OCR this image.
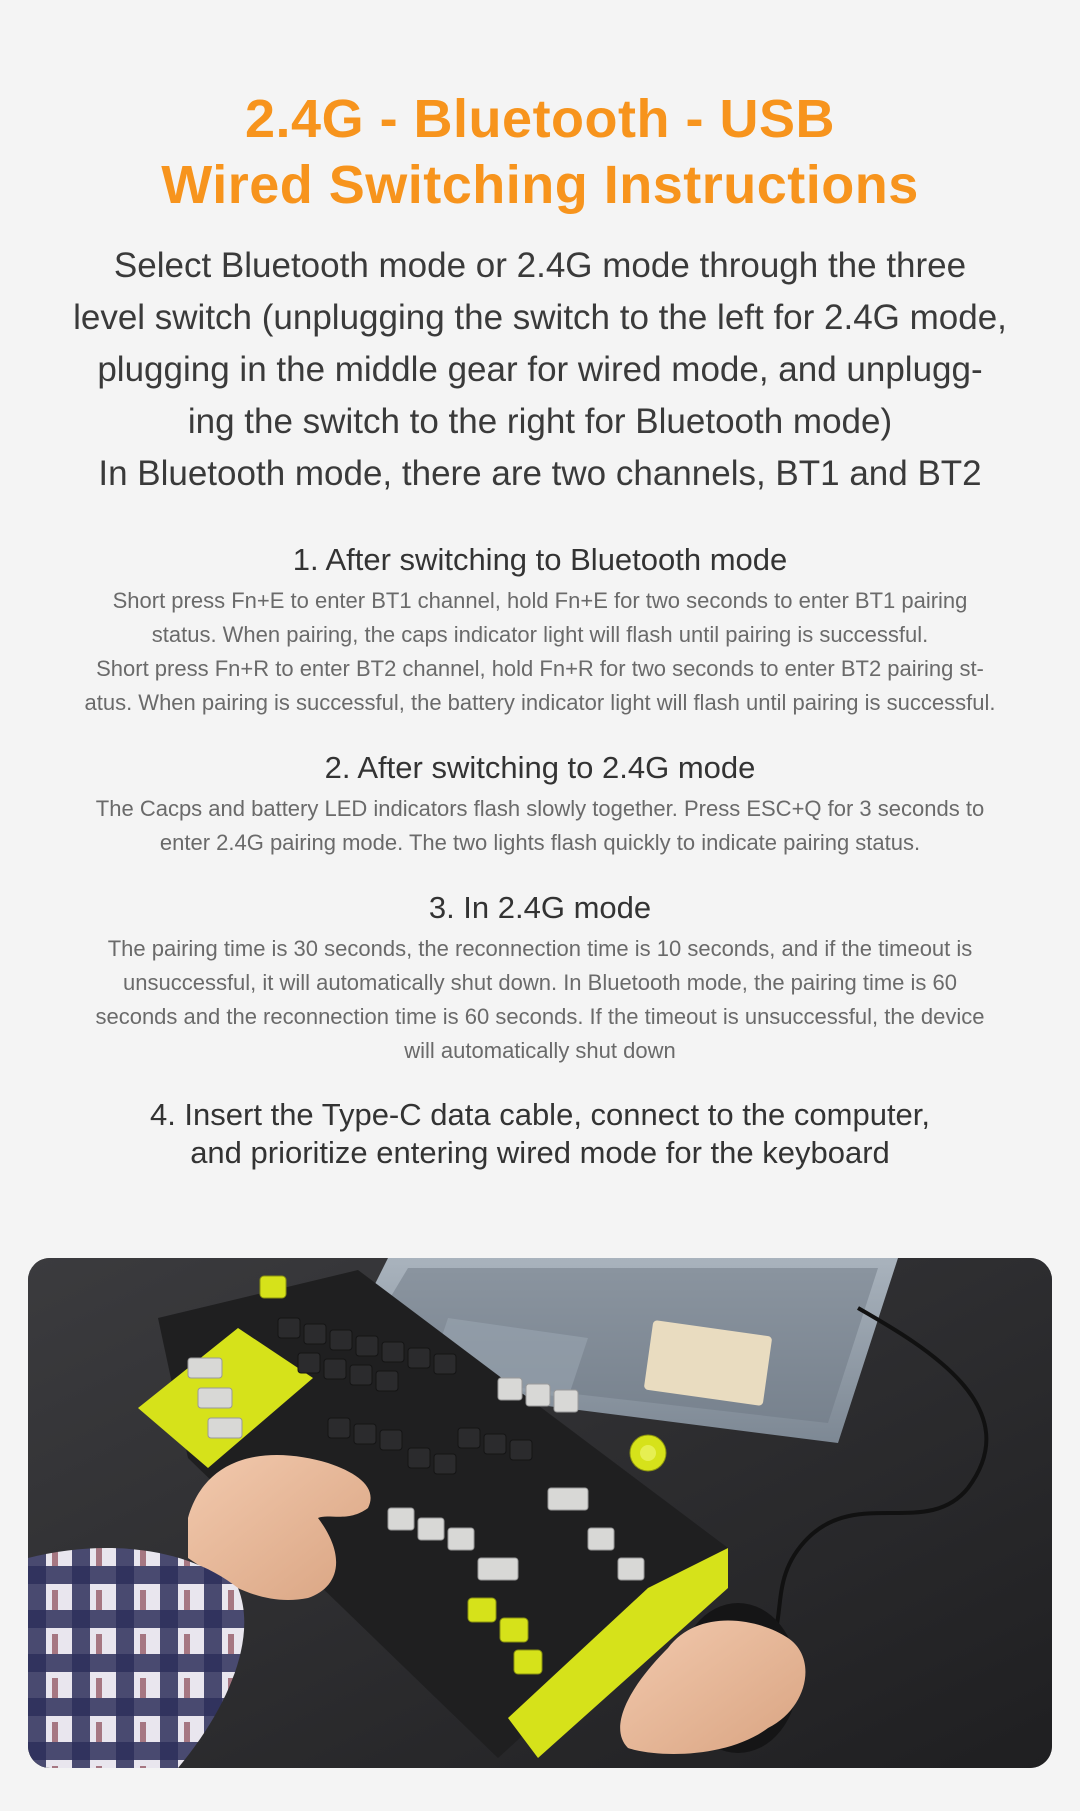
2.4G - Bluetooth - USB
Wired Switching Instructions
Select Bluetooth mode or 2.4G mode through the three
level switch (unplugging the switch to the left for 2.4G mode,
plugging in the middle gear for wired mode, and unplugg-
ing the switch to the right for Bluetooth mode)
In Bluetooth mode, there are two channels, BT1 and BT2
1. After switching to Bluetooth mode
Short press Fn+E to enter BT1 channel, hold Fn+E for two seconds to enter BT1 pairing
status. When pairing, the caps indicator light will flash until pairing is successful.
Short press Fn+R to enter BT2 channel, hold Fn+R for two seconds to enter BT2 pairing st-
atus. When pairing is successful, the battery indicator light will flash until pairing is successful.
2. After switching to 2.4G mode
The Cacps and battery LED indicators flash slowly together. Press ESC+Q for 3 seconds to
enter 2.4G pairing mode. The two lights flash quickly to indicate pairing status.
3. In 2.4G mode
The pairing time is 30 seconds, the reconnection time is 10 seconds, and if the timeout is
unsuccessful, it will automatically shut down. In Bluetooth mode, the pairing time is 60
seconds and the reconnection time is 60 seconds. If the timeout is unsuccessful, the device
will automatically shut down
4. Insert the Type-C data cable, connect to the computer,
and prioritize entering wired mode for the keyboard
